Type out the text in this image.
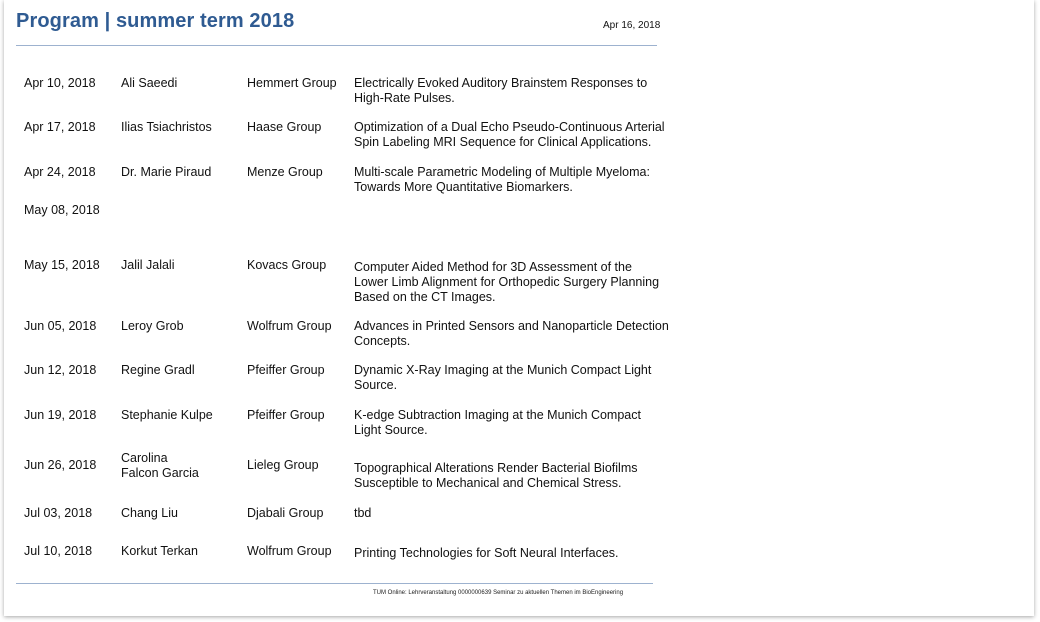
Program | summer term 2018	Apr 16, 2018
Apr 10, 2018 Ali Saeedi	Hemmert Group Electrically Evoked Auditory Brainstem Responses to
High-Rate Pulses.
Apr 17, 2018 Ilias Tsiachristos	Haase Group	Optimization of a Dual Echo Pseudo-Continuous Arterial
Spin Labeling MRI Sequence for Clinical Applications.
Apr 24, 2018 Dr. Marie Piraud	Menze Group	Multi-scale Parametric Modeling of Multiple Myeloma:
Towards More Quantitative Biomarkers.
May 08, 2018
May 15, 2018 Jalil Jalali	Kovacs Group Computer Aided Method for 3D Assessment of the
Lower Limb Alignment for Orthopedic Surgery Planning
Based on the CT Images.
Jun 05, 2018 Leroy Grob	Wolfrum Group Advances in Printed Sensors and Nanoparticle Detection
Concepts.
Jun 12, 2018 Regine Gradl	Pfeiffer Group Dynamic X-Ray Imaging at the Munich Compact Light
Source.
Jun 19, 2018 Stephanie Kulpe	Pfeiffer Group K-edge Subtraction Imaging at the Munich Compact
Light Source.
Jun 26, 2018 Carolina
Falcon Garcia
Lieleg Group	Topographical Alterations Render Bacterial Biofilms
Susceptible to Mechanical and Chemical Stress.
Jul 03, 2018 Chang Liu	Djabali Group tbd
Jul 10, 2018 Korkut Terkan	Wolfrum Group Printing Technologies for Soft Neural Interfaces.
TUM Online: Lehrveranstaltung 0000000639 Seminar zu aktuellen Themen im BioEngineering
